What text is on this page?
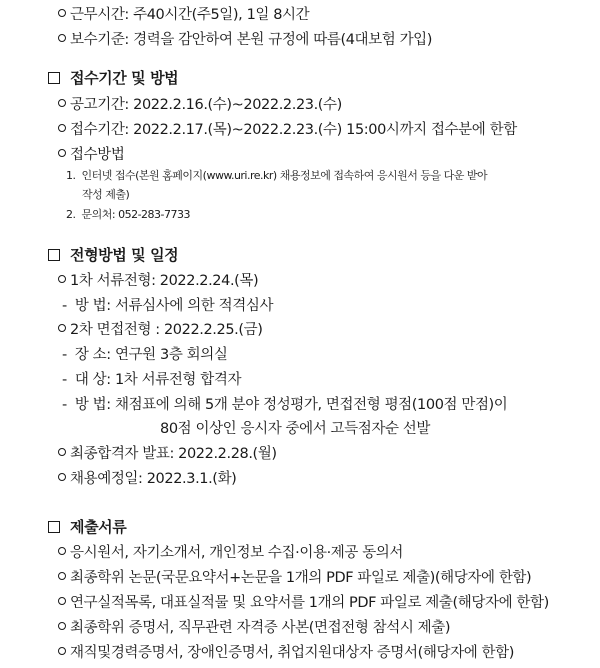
근무시간: 주40시간(주5일), 1일 8시간
보수기준: 경력을 감안하여 본원 규정에 따름(4대보험 가입)
접수기간 및 방법
공고기간: 2022.2.16.(수)~2022.2.23.(수)
접수기간: 2022.2.17.(목)~2022.2.23.(수) 15:00시까지 접수분에 한함
접수방법
1. 인터넷 접수(본원 홈페이지(www.uri.re.kr) 채용정보에 접속하여 응시원서 등을 다운 받아
작성 제출)
2. 문의처: 052-283-7733
전형방법 및 일정
1차 서류전형: 2022.2.24.(목)
- 방 법: 서류심사에 의한 적격심사
2차 면접전형 : 2022.2.25.(금)
- 장 소: 연구원 3층 회의실
- 대 상: 1차 서류전형 합격자
- 방 법: 채점표에 의해 5개 분야 정성평가, 면접전형 평점(100점 만점)이
80점 이상인 응시자 중에서 고득점자순 선발
최종합격자 발표: 2022.2.28.(월)
채용예정일: 2022.3.1.(화)
제출서류
응시원서, 자기소개서, 개인정보 수집·이용·제공 동의서
최종학위 논문(국문요약서+논문을 1개의 PDF 파일로 제출)(해당자에 한함)
연구실적목록, 대표실적물 및 요약서를 1개의 PDF 파일로 제출(해당자에 한함)
최종학위 증명서, 직무관련 자격증 사본(면접전형 참석시 제출)
재직및경력증명서, 장애인증명서, 취업지원대상자 증명서(해당자에 한함)
